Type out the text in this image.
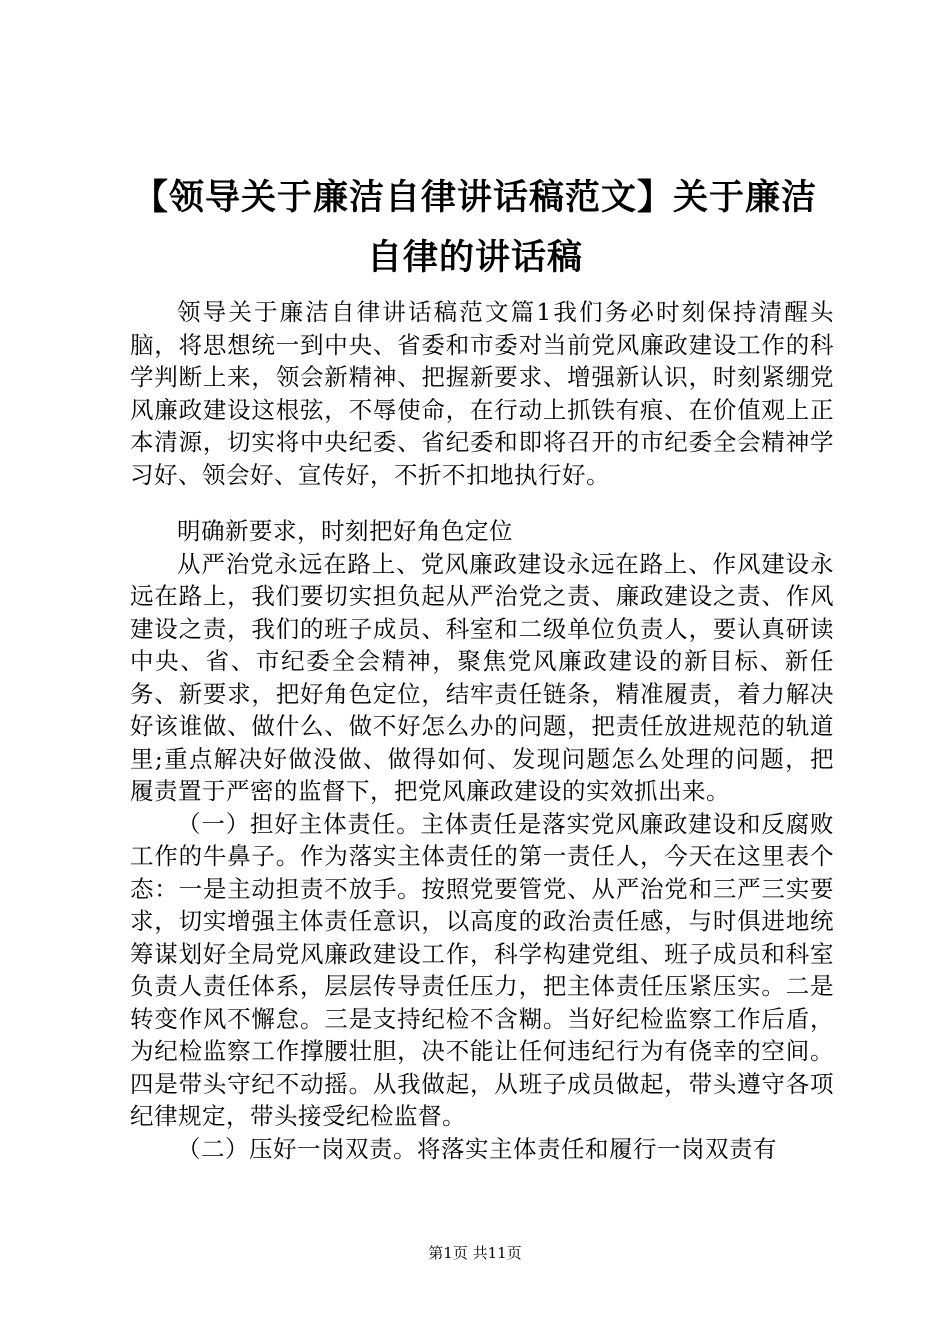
【领导关于廉洁自律讲话稿范文】关于廉洁自律的讲话稿

领导关于廉洁自律讲话稿范文篇1我们务必时刻保持清醒头脑，将思想统一到中央、省委和市委对当前党风廉政建设工作的科学判断上来，领会新精神、把握新要求、增强新认识，时刻紧绷党风廉政建设这根弦，不辱使命，在行动上抓铁有痕、在价值观上正本清源，切实将中央纪委、省纪委和即将召开的市纪委全会精神学习好、领会好、宣传好，不折不扣地执行好。

明确新要求，时刻把好角色定位

从严治党永远在路上、党风廉政建设永远在路上、作风建设永远在路上，我们要切实担负起从严治党之责、廉政建设之责、作风建设之责，我们的班子成员、科室和二级单位负责人，要认真研读中央、省、市纪委全会精神，聚焦党风廉政建设的新目标、新任务、新要求，把好角色定位，结牢责任链条，精准履责，着力解决好该谁做、做什么、做不好怎么办的问题，把责任放进规范的轨道里;重点解决好做没做、做得如何、发现问题怎么处理的问题，把履责置于严密的监督下，把党风廉政建设的实效抓出来。

（一）担好主体责任。主体责任是落实党风廉政建设和反腐败工作的牛鼻子。作为落实主体责任的第一责任人，今天在这里表个态：一是主动担责不放手。按照党要管党、从严治党和三严三实要求，切实增强主体责任意识，以高度的政治责任感，与时俱进地统筹谋划好全局党风廉政建设工作，科学构建党组、班子成员和科室负责人责任体系，层层传导责任压力，把主体责任压紧压实。二是转变作风不懈怠。三是支持纪检不含糊。当好纪检监察工作后盾，为纪检监察工作撑腰壮胆，决不能让任何违纪行为有侥幸的空间。四是带头守纪不动摇。从我做起，从班子成员做起，带头遵守各项纪律规定，带头接受纪检监督。

（二）压好一岗双责。将落实主体责任和履行一岗双责有

第1页 共11页
